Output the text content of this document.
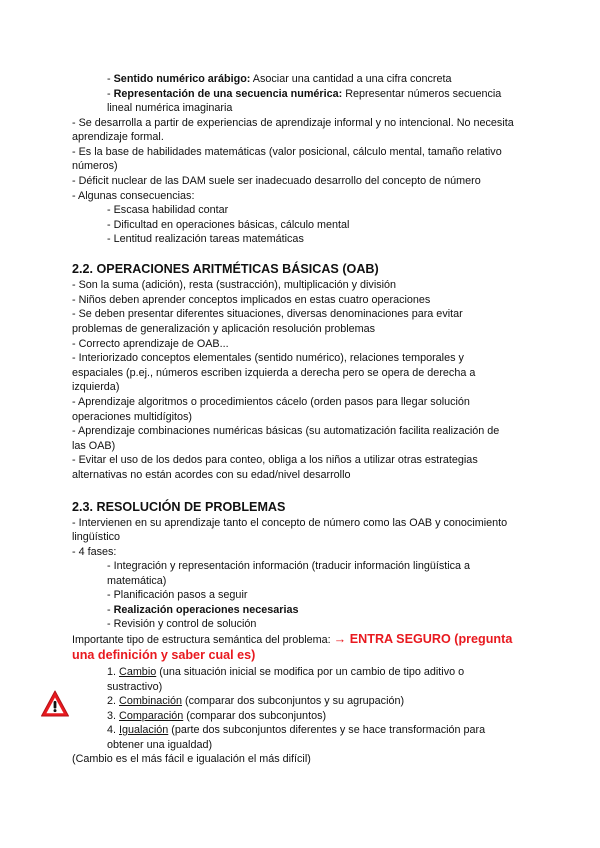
- Sentido numérico arábigo: Asociar una cantidad a una cifra concreta
- Representación de una secuencia numérica: Representar números secuencia
lineal numérica imaginaria
- Se desarrolla a partir de experiencias de aprendizaje informal y no intencional. No necesita
aprendizaje formal.
- Es la base de habilidades matemáticas (valor posicional, cálculo mental, tamaño relativo
números)
- Déficit nuclear de las DAM suele ser inadecuado desarrollo del concepto de número
- Algunas consecuencias:
- Escasa habilidad contar
- Dificultad en operaciones básicas, cálculo mental
- Lentitud realización tareas matemáticas
2.2. OPERACIONES ARITMÉTICAS BÁSICAS (OAB)
- Son la suma (adición), resta (sustracción), multiplicación y división
- Niños deben aprender conceptos implicados en estas cuatro operaciones
- Se deben presentar diferentes situaciones, diversas denominaciones para evitar
problemas de generalización y aplicación resolución problemas
- Correcto aprendizaje de OAB...
- Interiorizado conceptos elementales (sentido numérico), relaciones temporales y
espaciales (p.ej., números escriben izquierda a derecha pero se opera de derecha a
izquierda)
- Aprendizaje algoritmos o procedimientos cácelo (orden pasos para llegar solución
operaciones multidígitos)
- Aprendizaje combinaciones numéricas básicas (su automatización facilita realización de
las OAB)
- Evitar el uso de los dedos para conteo, obliga a los niños a utilizar otras estrategias
alternativas no están acordes con su edad/nivel desarrollo
2.3. RESOLUCIÓN DE PROBLEMAS
- Intervienen en su aprendizaje tanto el concepto de número como las OAB y conocimiento
lingüístico
- 4 fases:
- Integración y representación información (traducir información lingüística a
matemática)
- Planificación pasos a seguir
- Realización operaciones necesarias
- Revisión y control de solución
Importante tipo de estructura semántica del problema: → ENTRA SEGURO (pregunta
una definición y saber cual es)
1. Cambio (una situación inicial se modifica por un cambio de tipo aditivo o
sustractivo)
2. Combinación (comparar dos subconjuntos y su agrupación)
3. Comparación (comparar dos subconjuntos)
4. Igualación (parte dos subconjuntos diferentes y se hace transformación para
obtener una igualdad)
(Cambio es el más fácil e igualación el más difícil)
